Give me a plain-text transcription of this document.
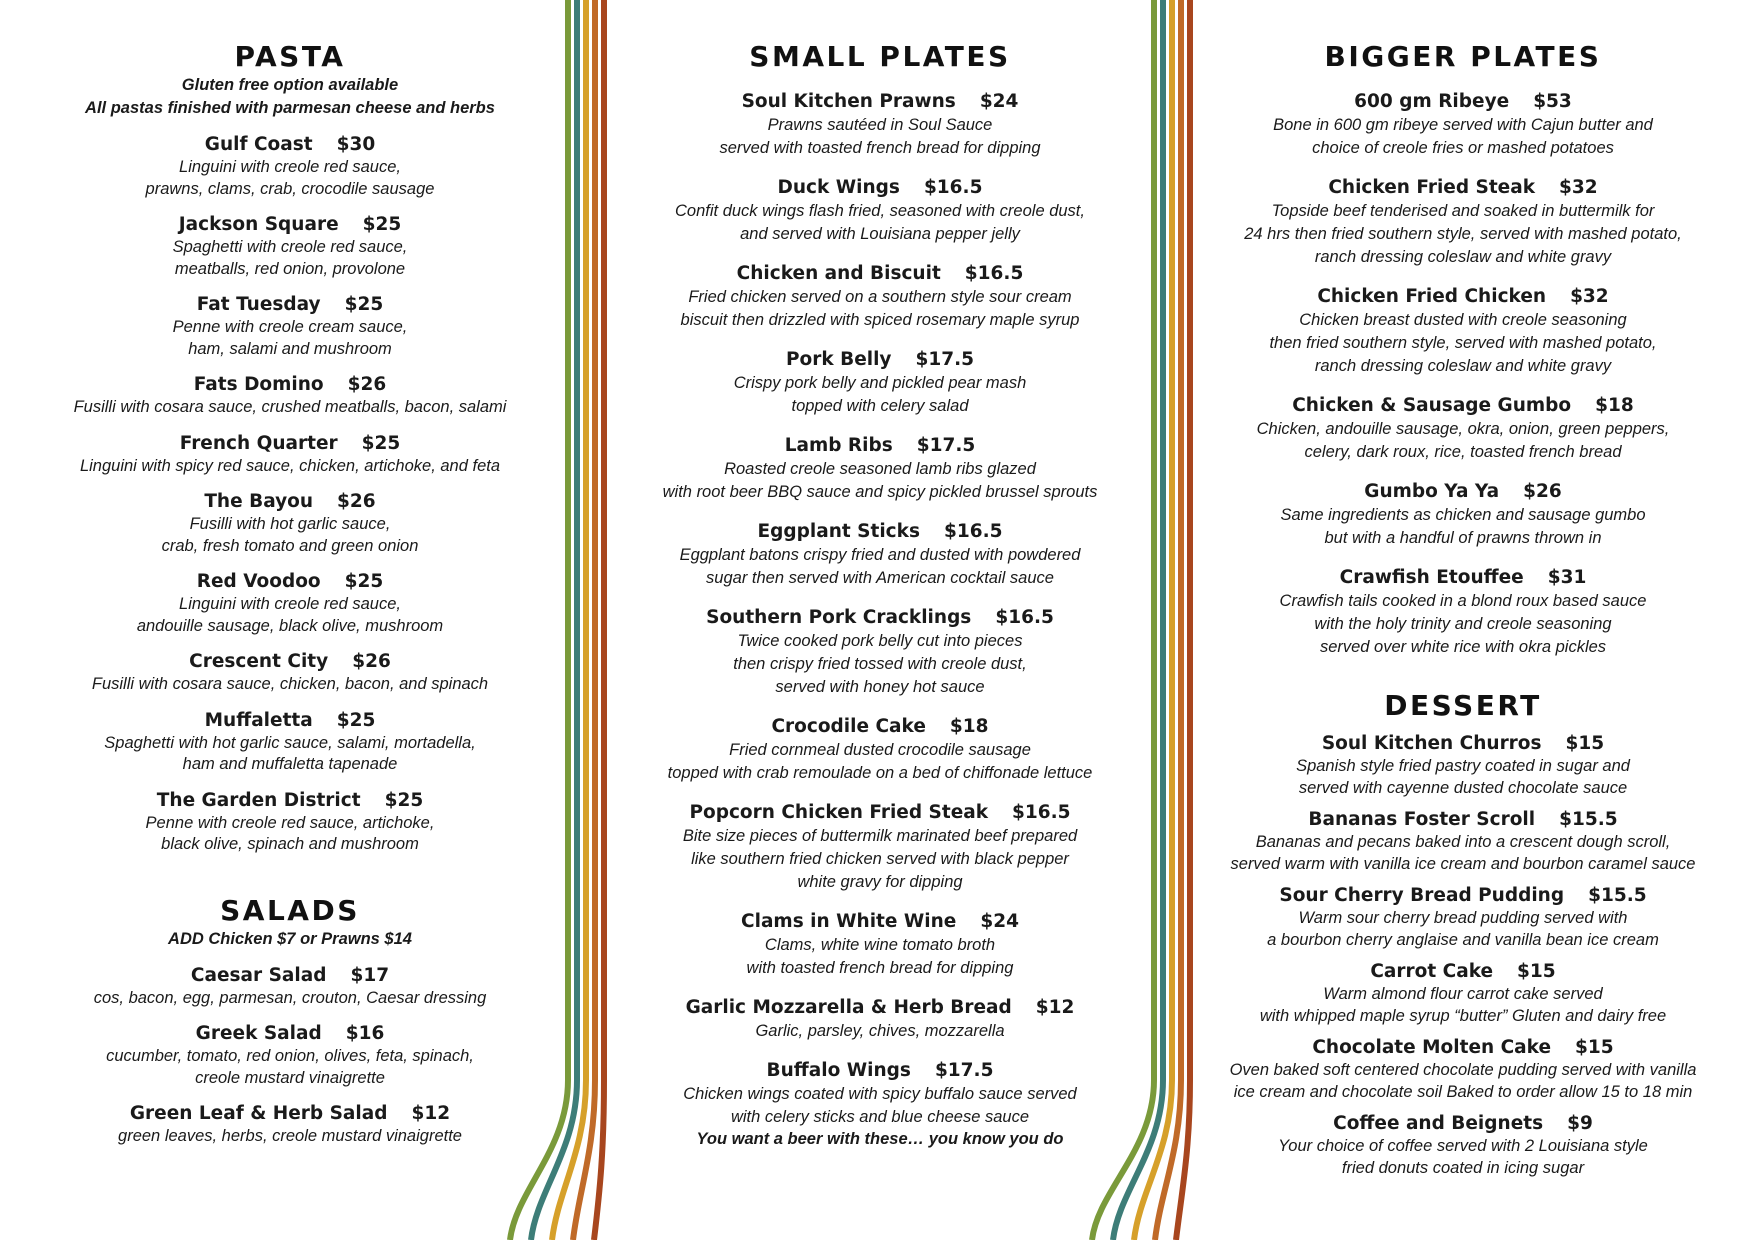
PASTA

Gluten free option available

All pastas finished with parmesan cheese and herbs

Gulf Coast $30
Linguini with creole red sauce,
prawns, clams, crab, crocodile sausage
Jackson Square $25
Spaghetti with creole red sauce,
meatballs, red onion, provolone
Fat Tuesday $25
Penne with creole cream sauce,
ham, salami and mushroom
Fats Domino $26
Fusilli with cosara sauce, crushed meatballs, bacon, salami
French Quarter $25
Linguini with spicy red sauce, chicken, artichoke, and feta
The Bayou $26
Fusilli with hot garlic sauce,
crab, fresh tomato and green onion
Red Voodoo $25
Linguini with creole red sauce,
andouille sausage, black olive, mushroom
Crescent City $26
Fusilli with cosara sauce, chicken, bacon, and spinach
Muffaletta $25
Spaghetti with hot garlic sauce, salami, mortadella,
ham and muffaletta tapenade
The Garden District $25
Penne with creole red sauce, artichoke,
black olive, spinach and mushroom
SALADS

ADD Chicken $7 or Prawns $14

Caesar Salad $17
cos, bacon, egg, parmesan, crouton, Caesar dressing
Greek Salad $16
cucumber, tomato, red onion, olives, feta, spinach,
creole mustard vinaigrette
Green Leaf & Herb Salad $12
green leaves, herbs, creole mustard vinaigrette
SMALL PLATES
Soul Kitchen Prawns $24
Prawns sautéed in Soul Sauce
served with toasted french bread for dipping
Duck Wings $16.5
Confit duck wings flash fried, seasoned with creole dust,
and served with Louisiana pepper jelly
Chicken and Biscuit $16.5
Fried chicken served on a southern style sour cream
biscuit then drizzled with spiced rosemary maple syrup
Pork Belly $17.5
Crispy pork belly and pickled pear mash
topped with celery salad
Lamb Ribs $17.5
Roasted creole seasoned lamb ribs glazed
with root beer BBQ sauce and spicy pickled brussel sprouts
Eggplant Sticks $16.5
Eggplant batons crispy fried and dusted with powdered
sugar then served with American cocktail sauce
Southern Pork Cracklings $16.5
Twice cooked pork belly cut into pieces
then crispy fried tossed with creole dust,
served with honey hot sauce
Crocodile Cake $18
Fried cornmeal dusted crocodile sausage
topped with crab remoulade on a bed of chiffonade lettuce
Popcorn Chicken Fried Steak $16.5
Bite size pieces of buttermilk marinated beef prepared
like southern fried chicken served with black pepper
white gravy for dipping
Clams in White Wine $24
Clams, white wine tomato broth
with toasted french bread for dipping
Garlic Mozzarella & Herb Bread $12
Garlic, parsley, chives, mozzarella
Buffalo Wings $17.5
Chicken wings coated with spicy buffalo sauce served
with celery sticks and blue cheese sauce
You want a beer with these… you know you do
BIGGER PLATES
600 gm Ribeye $53
Bone in 600 gm ribeye served with Cajun butter and
choice of creole fries or mashed potatoes
Chicken Fried Steak $32
Topside beef tenderised and soaked in buttermilk for
24 hrs then fried southern style, served with mashed potato,
ranch dressing coleslaw and white gravy
Chicken Fried Chicken $32
Chicken breast dusted with creole seasoning
then fried southern style, served with mashed potato,
ranch dressing coleslaw and white gravy
Chicken & Sausage Gumbo $18
Chicken, andouille sausage, okra, onion, green peppers,
celery, dark roux, rice, toasted french bread
Gumbo Ya Ya $26
Same ingredients as chicken and sausage gumbo
but with a handful of prawns thrown in
Crawfish Etouffee $31
Crawfish tails cooked in a blond roux based sauce
with the holy trinity and creole seasoning
served over white rice with okra pickles
DESSERT
Soul Kitchen Churros $15
Spanish style fried pastry coated in sugar and
served with cayenne dusted chocolate sauce
Bananas Foster Scroll $15.5
Bananas and pecans baked into a crescent dough scroll,
served warm with vanilla ice cream and bourbon caramel sauce
Sour Cherry Bread Pudding $15.5
Warm sour cherry bread pudding served with
a bourbon cherry anglaise and vanilla bean ice cream
Carrot Cake $15
Warm almond flour carrot cake served
with whipped maple syrup “butter” Gluten and dairy free
Chocolate Molten Cake $15
Oven baked soft centered chocolate pudding served with vanilla
ice cream and chocolate soil Baked to order allow 15 to 18 min
Coffee and Beignets $9
Your choice of coffee served with 2 Louisiana style
fried donuts coated in icing sugar
